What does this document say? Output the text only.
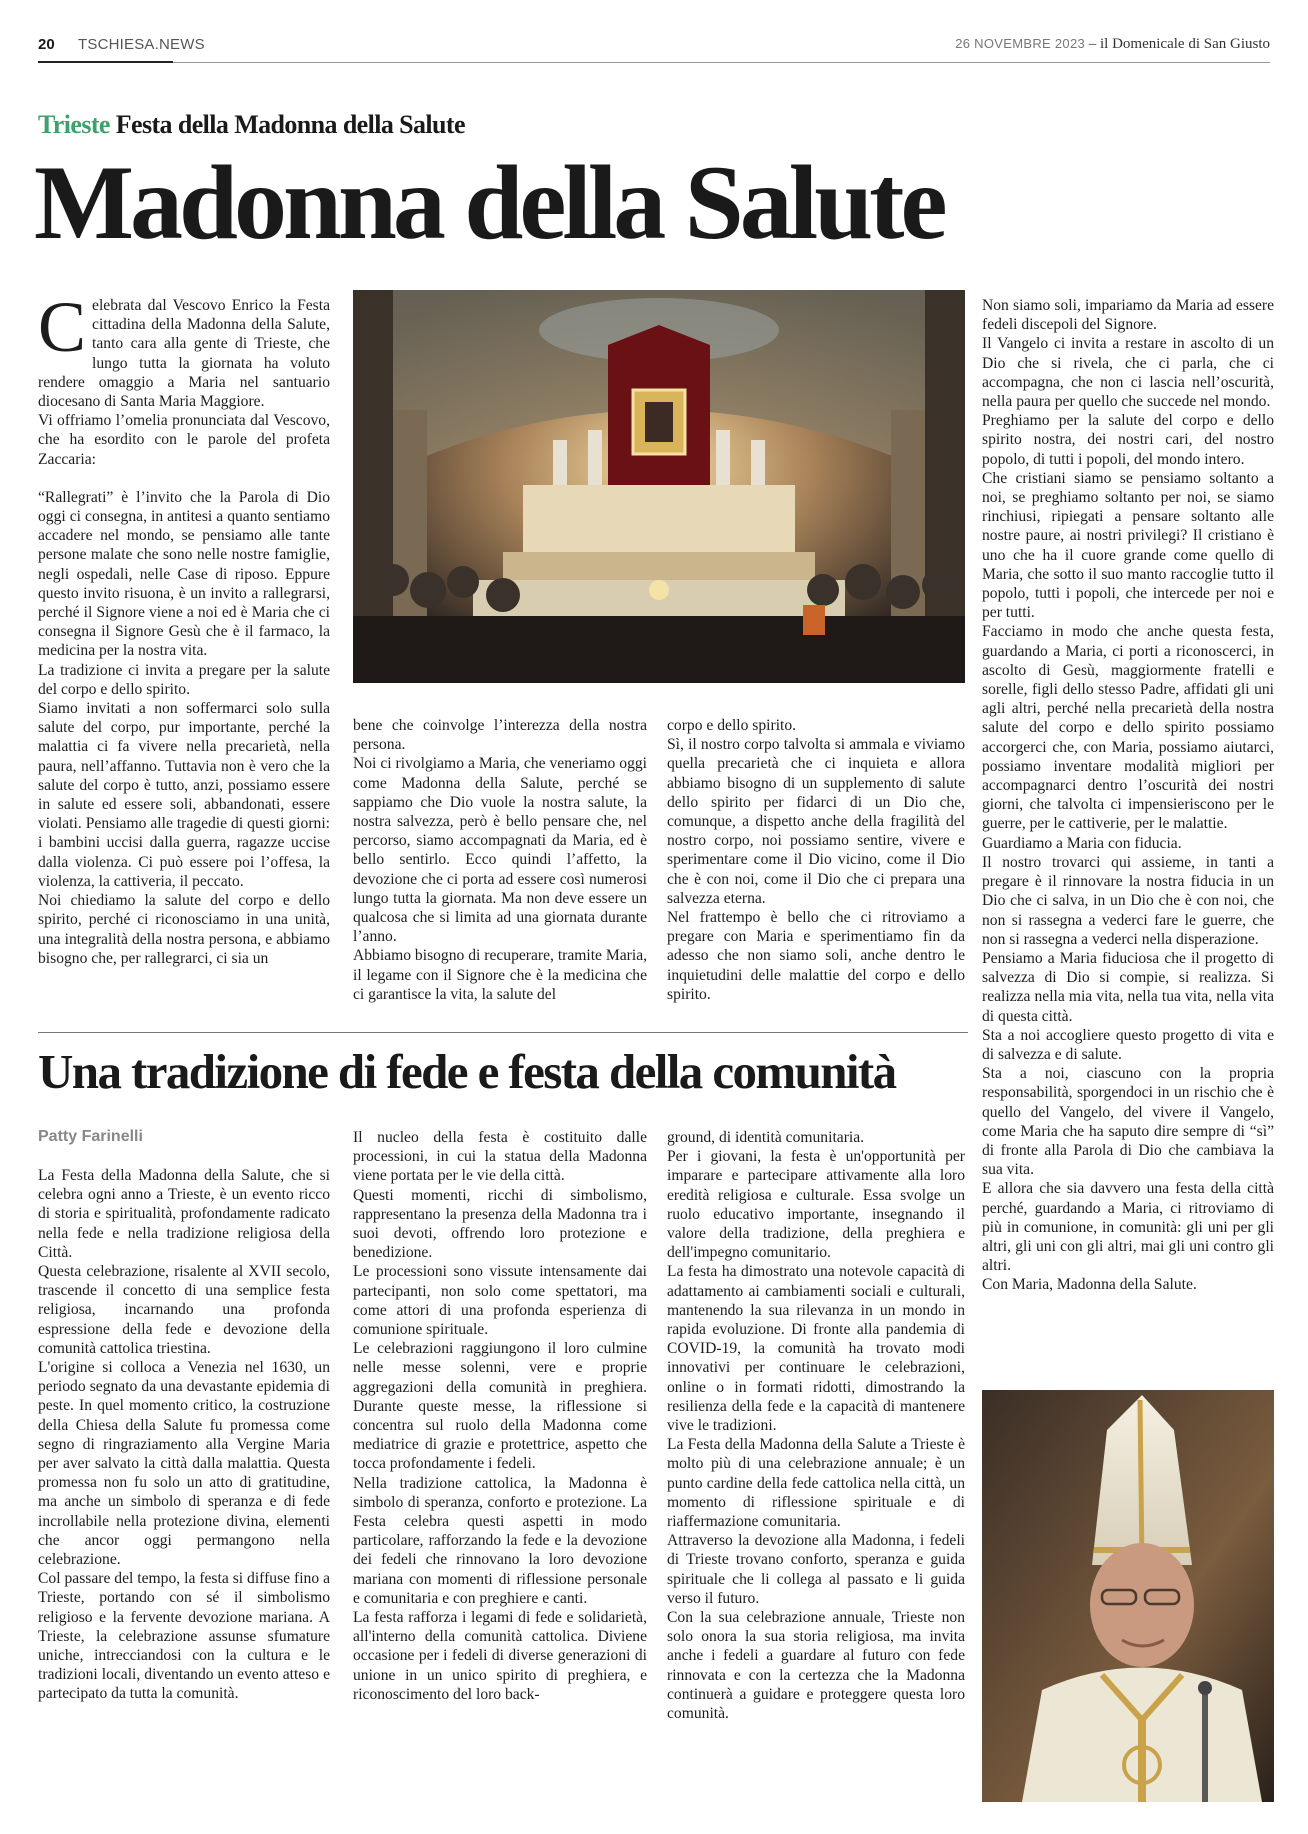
20 TSCHIESA.NEWS	26 NOVEMBRE 2023 – il Domenicale di San Giusto
Trieste Festa della Madonna della Salute
Madonna della Salute

Celebrata dal Vescovo Enrico la Festa cittadina della Madonna della Salute, tanto cara alla gente di Trieste, che lungo tutta la giornata ha voluto rendere omaggio a Maria nel santuario diocesano di Santa Maria Maggiore.

Vi offriamo l’omelia pronunciata dal Vescovo, che ha esordito con le parole del profeta Zaccaria:

“Rallegrati” è l’invito che la Parola di Dio oggi ci consegna, in antitesi a quanto sentiamo accadere nel mondo, se pensiamo alle tante persone malate che sono nelle nostre famiglie, negli ospedali, nelle Case di riposo. Eppure questo invito risuona, è un invito a rallegrarsi, perché il Signore viene a noi ed è Maria che ci consegna il Signore Gesù che è il farmaco, la medicina per la nostra vita.

La tradizione ci invita a pregare per la salute del corpo e dello spirito.

Siamo invitati a non soffermarci solo sulla salute del corpo, pur importante, perché la malattia ci fa vivere nella precarietà, nella paura, nell’affanno. Tuttavia non è vero che la salute del corpo è tutto, anzi, possiamo essere in salute ed essere soli, abbandonati, essere violati. Pensiamo alle tragedie di questi giorni: i bambini uccisi dalla guerra, ragazze uccise dalla violenza. Ci può essere poi l’offesa, la violenza, la cattiveria, il peccato.

Noi chiediamo la salute del corpo e dello spirito, perché ci riconosciamo in una unità, una integralità della nostra persona, e abbiamo bisogno che, per rallegrarci, ci sia un

bene che coinvolge l’interezza della nostra persona.

Noi ci rivolgiamo a Maria, che veneriamo oggi come Madonna della Salute, perché se sappiamo che Dio vuole la nostra salute, la nostra salvezza, però è bello pensare che, nel percorso, siamo accompagnati da Maria, ed è bello sentirlo. Ecco quindi l’affetto, la devozione che ci porta ad essere così numerosi lungo tutta la giornata. Ma non deve essere un qualcosa che si limita ad una giornata durante l’anno.

Abbiamo bisogno di recuperare, tramite Maria, il legame con il Signore che è la medicina che ci garantisce la vita, la salute del

corpo e dello spirito.

Sì, il nostro corpo talvolta si ammala e viviamo quella precarietà che ci inquieta e allora abbiamo bisogno di un supplemento di salute dello spirito per fidarci di un Dio che, comunque, a dispetto anche della fragilità del nostro corpo, noi possiamo sentire, vivere e sperimentare come il Dio vicino, come il Dio che è con noi, come il Dio che ci prepara una salvezza eterna.

Nel frattempo è bello che ci ritroviamo a pregare con Maria e sperimentiamo fin da adesso che non siamo soli, anche dentro le inquietudini delle malattie del corpo e dello spirito.

Non siamo soli, impariamo da Maria ad essere fedeli discepoli del Signore.

Il Vangelo ci invita a restare in ascolto di un Dio che si rivela, che ci parla, che ci accompagna, che non ci lascia nell’oscurità, nella paura per quello che succede nel mondo.

Preghiamo per la salute del corpo e dello spirito nostra, dei nostri cari, del nostro popolo, di tutti i popoli, del mondo intero.

Che cristiani siamo se pensiamo soltanto a noi, se preghiamo soltanto per noi, se siamo rinchiusi, ripiegati a pensare soltanto alle nostre paure, ai nostri privilegi? Il cristiano è uno che ha il cuore grande come quello di Maria, che sotto il suo manto raccoglie tutto il popolo, tutti i popoli, che intercede per noi e per tutti.

Facciamo in modo che anche questa festa, guardando a Maria, ci porti a riconoscerci, in ascolto di Gesù, maggiormente fratelli e sorelle, figli dello stesso Padre, affidati gli uni agli altri, perché nella precarietà della nostra salute del corpo e dello spirito possiamo accorgerci che, con Maria, possiamo aiutarci, possiamo inventare modalità migliori per accompagnarci dentro l’oscurità dei nostri giorni, che talvolta ci impensieriscono per le guerre, per le cattiverie, per le malattie.

Guardiamo a Maria con fiducia.

Il nostro trovarci qui assieme, in tanti a pregare è il rinnovare la nostra fiducia in un Dio che ci salva, in un Dio che è con noi, che non si rassegna a vederci fare le guerre, che non si rassegna a vederci nella disperazione.

Pensiamo a Maria fiduciosa che il progetto di salvezza di Dio si compie, si realizza. Si realizza nella mia vita, nella tua vita, nella vita di questa città.

Sta a noi accogliere questo progetto di vita e di salvezza e di salute.

Sta a noi, ciascuno con la propria responsabilità, sporgendoci in un rischio che è quello del Vangelo, del vivere il Vangelo, come Maria che ha saputo dire sempre di “sì” di fronte alla Parola di Dio che cambiava la sua vita.

E allora che sia davvero una festa della città perché, guardando a Maria, ci ritroviamo di più in comunione, in comunità: gli uni per gli altri, gli uni con gli altri, mai gli uni contro gli altri.

Con Maria, Madonna della Salute.

Una tradizione di fede e festa della comunità
Patty Farinelli

La Festa della Madonna della Salute, che si celebra ogni anno a Trieste, è un evento ricco di storia e spiritualità, profondamente radicato nella fede e nella tradizione religiosa della Città.

Questa celebrazione, risalente al XVII secolo, trascende il concetto di una semplice festa religiosa, incarnando una profonda espressione della fede e devozione della comunità cattolica triestina.

L'origine si colloca a Venezia nel 1630, un periodo segnato da una devastante epidemia di peste. In quel momento critico, la costruzione della Chiesa della Salute fu promessa come segno di ringraziamento alla Vergine Maria per aver salvato la città dalla malattia. Questa promessa non fu solo un atto di gratitudine, ma anche un simbolo di speranza e di fede incrollabile nella protezione divina, elementi che ancor oggi permangono nella celebrazione.

Col passare del tempo, la festa si diffuse fino a Trieste, portando con sé il simbolismo religioso e la fervente devozione mariana. A Trieste, la celebrazione assunse sfumature uniche, intrecciandosi con la cultura e le tradizioni locali, diventando un evento atteso e partecipato da tutta la comunità.

Il nucleo della festa è costituito dalle processioni, in cui la statua della Madonna viene portata per le vie della città.

Questi momenti, ricchi di simbolismo, rappresentano la presenza della Madonna tra i suoi devoti, offrendo loro protezione e benedizione.

Le processioni sono vissute intensamente dai partecipanti, non solo come spettatori, ma come attori di una profonda esperienza di comunione spirituale.

Le celebrazioni raggiungono il loro culmine nelle messe solenni, vere e proprie aggregazioni della comunità in preghiera. Durante queste messe, la riflessione si concentra sul ruolo della Madonna come mediatrice di grazie e protettrice, aspetto che tocca profondamente i fedeli.

Nella tradizione cattolica, la Madonna è simbolo di speranza, conforto e protezione. La Festa celebra questi aspetti in modo particolare, rafforzando la fede e la devozione dei fedeli che rinnovano la loro devozione mariana con momenti di riflessione personale e comunitaria e con preghiere e canti.

La festa rafforza i legami di fede e solidarietà, all'interno della comunità cattolica. Diviene occasione per i fedeli di diverse generazioni di unione in un unico spirito di preghiera, e riconoscimento del loro back-

ground, di identità comunitaria.

Per i giovani, la festa è un'opportunità per imparare e partecipare attivamente alla loro eredità religiosa e culturale. Essa svolge un ruolo educativo importante, insegnando il valore della tradizione, della preghiera e dell'impegno comunitario.

La festa ha dimostrato una notevole capacità di adattamento ai cambiamenti sociali e culturali, mantenendo la sua rilevanza in un mondo in rapida evoluzione. Di fronte alla pandemia di COVID-19, la comunità ha trovato modi innovativi per continuare le celebrazioni, online o in formati ridotti, dimostrando la resilienza della fede e la capacità di mantenere vive le tradizioni.

La Festa della Madonna della Salute a Trieste è molto più di una celebrazione annuale; è un punto cardine della fede cattolica nella città, un momento di riflessione spirituale e di riaffermazione comunitaria.

Attraverso la devozione alla Madonna, i fedeli di Trieste trovano conforto, speranza e guida spirituale che li collega al passato e li guida verso il futuro.

Con la sua celebrazione annuale, Trieste non solo onora la sua storia religiosa, ma invita anche i fedeli a guardare al futuro con fede rinnovata e con la certezza che la Madonna continuerà a guidare e proteggere questa loro comunità.
